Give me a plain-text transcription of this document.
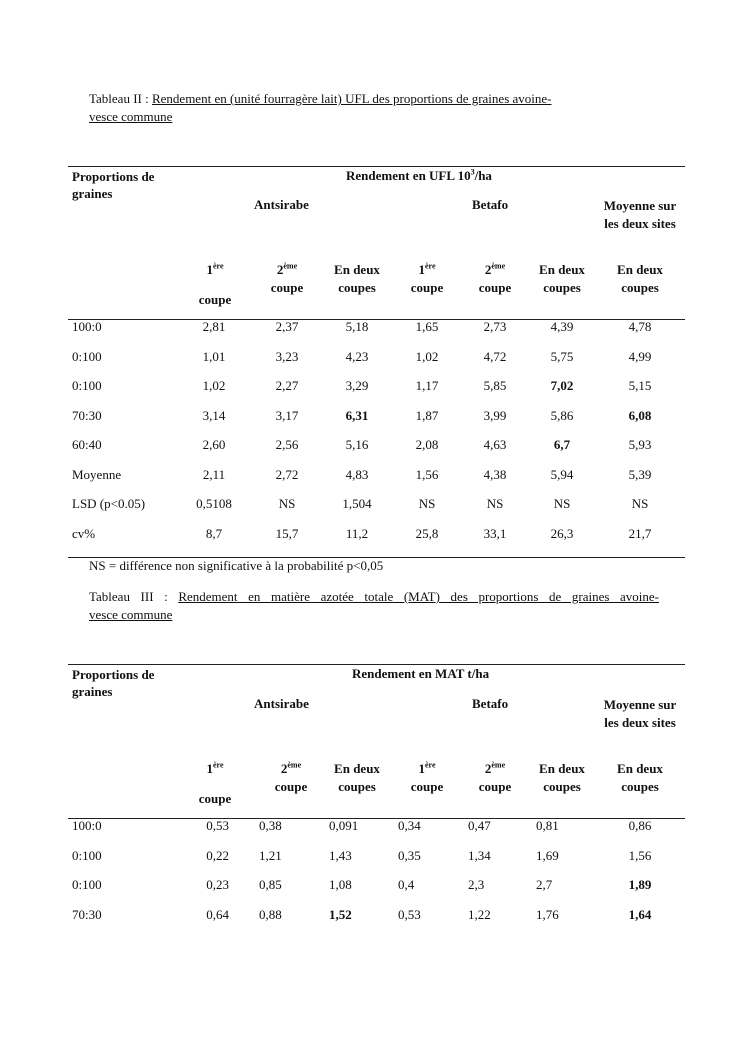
Tableau II : Rendement en (unité fourragère lait) UFL des proportions de graines avoine-
vesce commune
Proportions de graines
Rendement en UFL $10^3/ha$
Antsirabe	Betafo	Moyenne sur les deux sites
1ère
coupe
2ème
coupe
En deux coupes
1ère
coupe
2ème
coupe
En deux coupes
En deux coupes
100:0	2,81	2,37	5,18	1,65	2,73	4,39	4,78
0:100	1,01	3,23	4,23	1,02	4,72	5,75	4,99
0:100	1,02	2,27	3,29	1,17	5,85	7,02	5,15
70:30	3,14	3,17	6,31	1,87	3,99	5,86	6,08
60:40	2,60	2,56	5,16	2,08	4,63	6,7	5,93
Moyenne	2,11	2,72	4,83	1,56	4,38	5,94	5,39
LSD (p<0.05)	0,5108	NS	1,504	NS	NS	NS	NS
cv%	8,7	15,7	11,2	25,8	33,1	26,3	21,7
NS = différence non significative à la probabilité p<0,05
Tableau III : Rendement en matière azotée totale (MAT) des proportions de graines avoine-
vesce commune
Proportions de graines
Rendement en MAT t/ha
Antsirabe	Betafo	Moyenne sur les deux sites
1ère
coupe
2ème
coupe
En deux coupes
1ère
coupe
2ème
coupe
En deux coupes
En deux coupes
100:0	0,53 0,38	0,091	0,34	0,47	0,81	0,86
0:100	0,22 1,21	1,43	0,35	1,34	1,69	1,56
0:100	0,23 0,85	1,08	0,4	2,3	2,7	1,89
70:30	0,64 0,88	1,52	0,53	1,22	1,76	1,64
